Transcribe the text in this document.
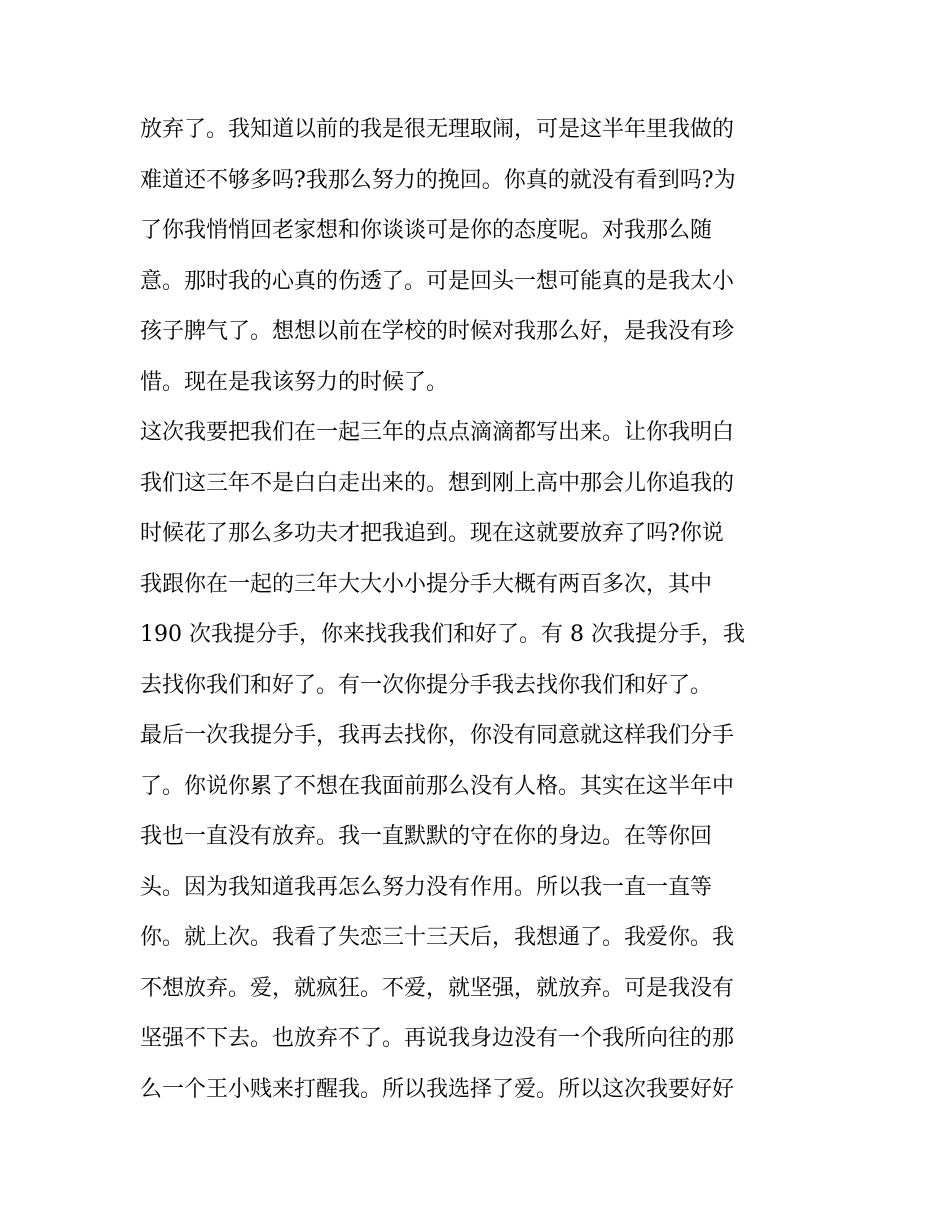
放弃了。我知道以前的我是很无理取闹，可是这半年里我做的
难道还不够多吗?我那么努力的挽回。你真的就没有看到吗?为
了你我悄悄回老家想和你谈谈可是你的态度呢。对我那么随
意。那时我的心真的伤透了。可是回头一想可能真的是我太小
孩子脾气了。想想以前在学校的时候对我那么好，是我没有珍
惜。现在是我该努力的时候了。
这次我要把我们在一起三年的点点滴滴都写出来。让你我明白
我们这三年不是白白走出来的。想到刚上高中那会儿你追我的
时候花了那么多功夫才把我追到。现在这就要放弃了吗?你说
我跟你在一起的三年大大小小提分手大概有两百多次，其中
190 次我提分手，你来找我我们和好了。有 8 次我提分手，我
去找你我们和好了。有一次你提分手我去找你我们和好了。
最后一次我提分手，我再去找你，你没有同意就这样我们分手
了。你说你累了不想在我面前那么没有人格。其实在这半年中
我也一直没有放弃。我一直默默的守在你的身边。在等你回
头。因为我知道我再怎么努力没有作用。所以我一直一直等
你。就上次。我看了失恋三十三天后，我想通了。我爱你。我
不想放弃。爱，就疯狂。不爱，就坚强，就放弃。可是我没有
坚强不下去。也放弃不了。再说我身边没有一个我所向往的那
么一个王小贱来打醒我。所以我选择了爱。所以这次我要好好
